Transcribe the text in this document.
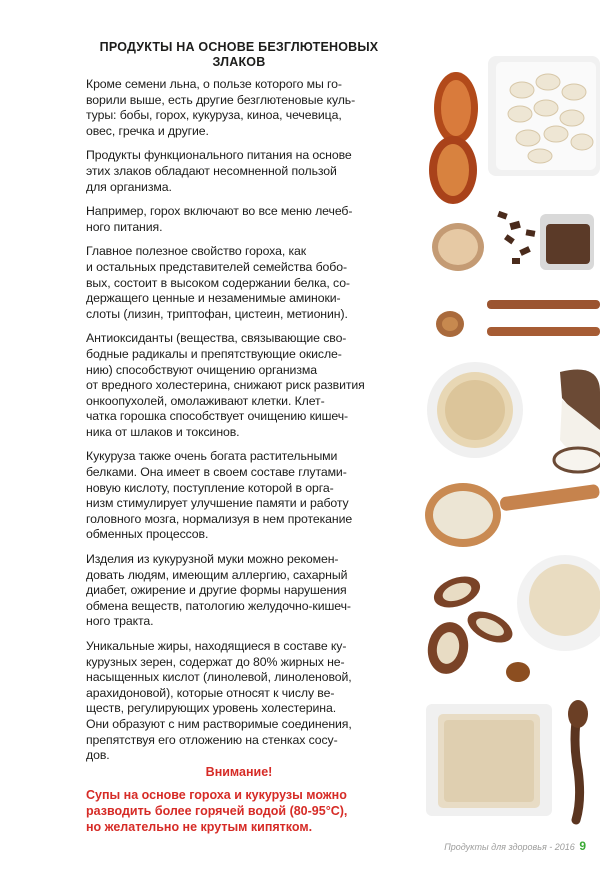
ПРОДУКТЫ НА ОСНОВЕ БЕЗГЛЮТЕНОВЫХ ЗЛАКОВ

Кроме семени льна, о пользе которого мы го-
ворили выше, есть другие безглютеновые куль-
туры: бобы, горох, кукуруза, киноа, чечевица,
овес, гречка и другие.

Продукты функционального питания на основе
этих злаков обладают несомненной пользой
для организма.

Например, горох включают во все меню лечеб-
ного питания.

Главное полезное свойство гороха, как
и остальных представителей семейства бобо-
вых, состоит в высоком содержании белка, со-
держащего ценные и незаменимые аминоки-
слоты (лизин, триптофан, цистеин, метионин).

Антиоксиданты (вещества, связывающие сво-
бодные радикалы и препятствующие окисле-
нию) способствуют очищению организма
от вредного холестерина, снижают риск развития онкоопухолей, омолаживают клетки. Клет-
чатка горошка способствует очищению кишеч-
ника от шлаков и токсинов.

Кукуруза также очень богата растительными
белками. Она имеет в своем составе глутами-
новую кислоту, поступление которой в орга-
низм стимулирует улучшение памяти и работу
головного мозга, нормализуя в нем протекание
обменных процессов.

Изделия из кукурузной муки можно рекомен-
довать людям, имеющим аллергию, сахарный
диабет, ожирение и другие формы нарушения
обмена веществ, патологию желудочно-кишеч-
ного тракта.

Уникальные жиры, находящиеся в составе ку-
курузных зерен, содержат до 80% жирных не-
насыщенных кислот (линолевой, линоленовой,
арахидоновой), которые относят к числу ве-
ществ, регулирующих уровень холестерина.
Они образуют с ним растворимые соединения,
препятствуя его отложению на стенках сосу-
дов.

Внимание!
Супы на основе гороха и кукурузы можно
разводить более горячей водой (80-95°С),
но желательно не крутым кипятком.
Продукты для здоровья - 2016 9
